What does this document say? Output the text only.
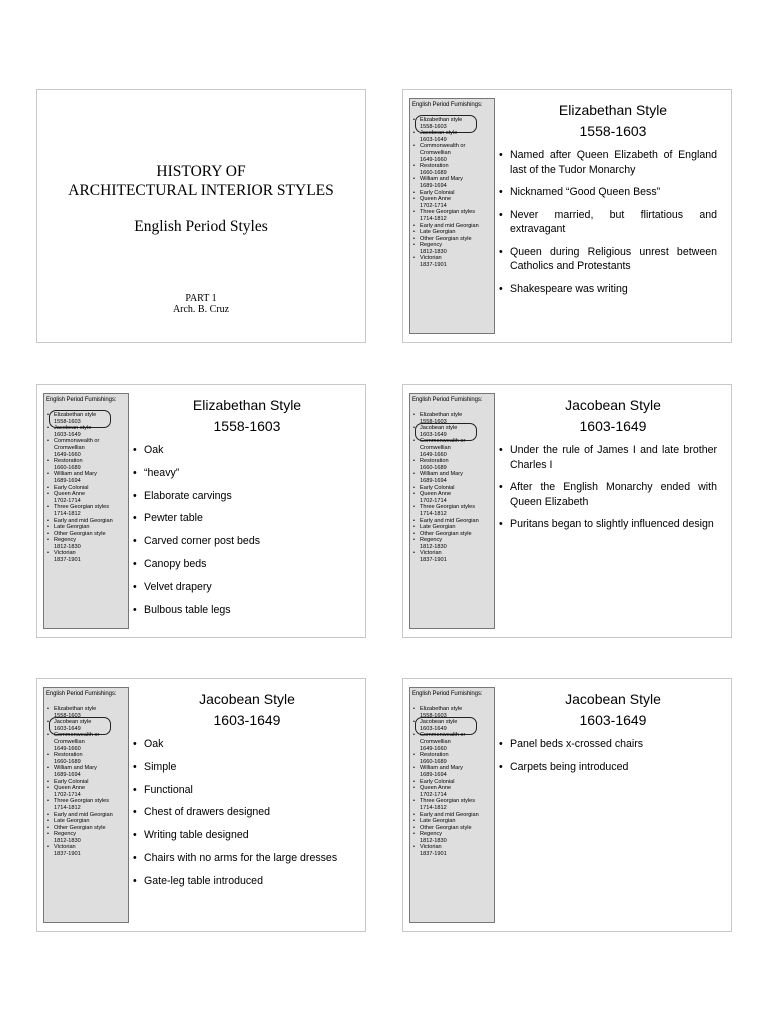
HISTORY OF
ARCHITECTURAL INTERIOR STYLES
English Period Styles
PART 1
Arch. B. Cruz
English Period Furnishings:
• Elizabethan style
1558-1603
• Jacobean style
1603-1649
• Commonwealth or
Cromwellian
1649-1660
• Restoration
1660-1689
• William and Mary
1689-1694
• Early Colonial
• Queen Anne
1702-1714
• Three Georgian styles
1714-1812
• Early and mid Georgian
• Late Georgian
• Other Georgian style
• Regency
1812-1830
• Victorian
1837-1901
Elizabethan Style
1558-1603
• Named after Queen Elizabeth of England last of the Tudor Monarchy
• Nicknamed “Good Queen Bess”
• Never married, but flirtatious and extravagant
• Queen during Religious unrest between Catholics and Protestants
• Shakespeare was writing
English Period Furnishings:
• Elizabethan style
1558-1603
• Jacobean style
1603-1649
• Commonwealth or
Cromwellian
1649-1660
• Restoration
1660-1689
• William and Mary
1689-1694
• Early Colonial
• Queen Anne
1702-1714
• Three Georgian styles
1714-1812
• Early and mid Georgian
• Late Georgian
• Other Georgian style
• Regency
1812-1830
• Victorian
1837-1901
Elizabethan Style
1558-1603
• Oak
• “heavy”
• Elaborate carvings
• Pewter table
• Carved corner post beds
• Canopy beds
• Velvet drapery
• Bulbous table legs
English Period Furnishings:
• Elizabethan style
1558-1603
• Jacobean style
1603-1649
• Commonwealth or
Cromwellian
1649-1660
• Restoration
1660-1689
• William and Mary
1689-1694
• Early Colonial
• Queen Anne
1702-1714
• Three Georgian styles
1714-1812
• Early and mid Georgian
• Late Georgian
• Other Georgian style
• Regency
1812-1830
• Victorian
1837-1901
Jacobean Style
1603-1649
• Under the rule of James I and late brother Charles I
• After the English Monarchy ended with Queen Elizabeth
• Puritans began to slightly influenced design
English Period Furnishings:
• Elizabethan style
1558-1603
• Jacobean style
1603-1649
• Commonwealth or
Cromwellian
1649-1660
• Restoration
1660-1689
• William and Mary
1689-1694
• Early Colonial
• Queen Anne
1702-1714
• Three Georgian styles
1714-1812
• Early and mid Georgian
• Late Georgian
• Other Georgian style
• Regency
1812-1830
• Victorian
1837-1901
Jacobean Style
1603-1649
• Oak
• Simple
• Functional
• Chest of drawers designed
• Writing table designed
• Chairs with no arms for the large dresses
• Gate-leg table introduced
English Period Furnishings:
• Elizabethan style
1558-1603
• Jacobean style
1603-1649
• Commonwealth or
Cromwellian
1649-1660
• Restoration
1660-1689
• William and Mary
1689-1694
• Early Colonial
• Queen Anne
1702-1714
• Three Georgian styles
1714-1812
• Early and mid Georgian
• Late Georgian
• Other Georgian style
• Regency
1812-1830
• Victorian
1837-1901
Jacobean Style
1603-1649
• Panel beds x-crossed chairs
• Carpets being introduced
